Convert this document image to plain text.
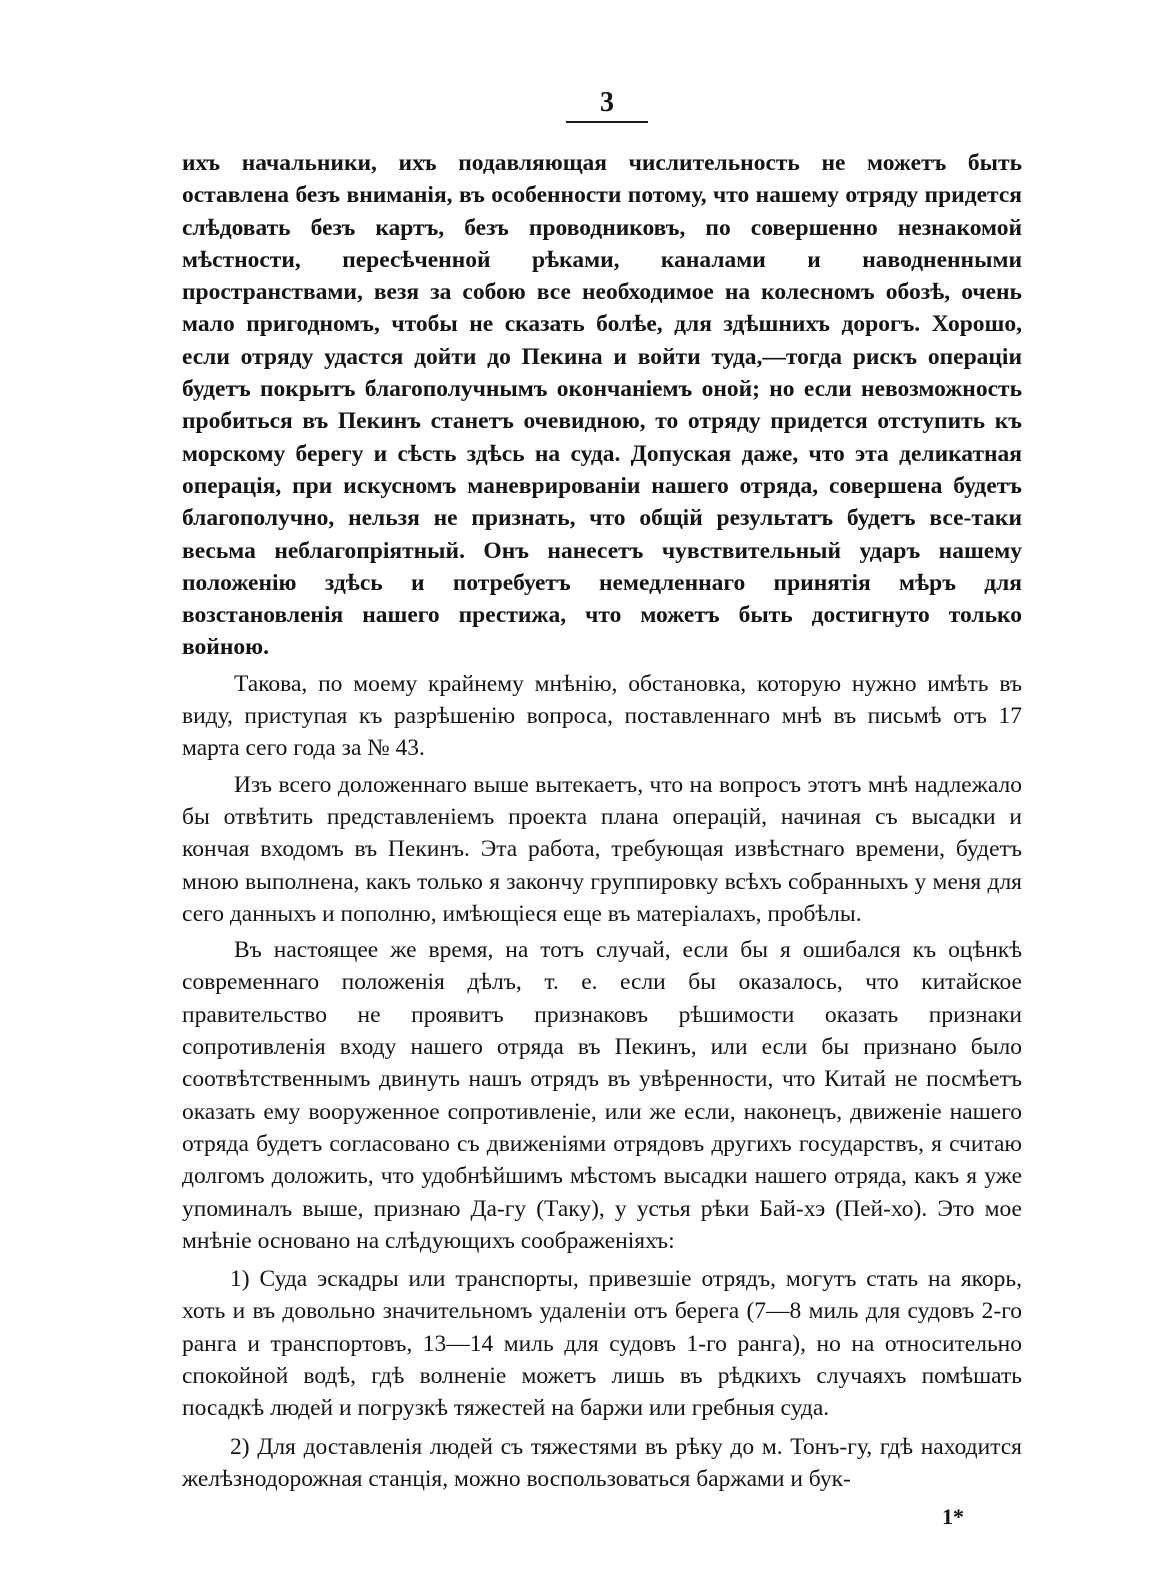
3

ихъ начальники, ихъ подавляющая числительность не можетъ быть оставлена безъ вниманія, въ особенности потому, что нашему отряду придется слѣдовать безъ картъ, безъ проводниковъ, по совершенно незнакомой мѣстности, пересѣченной рѣками, каналами и наводненными пространствами, везя за собою все необходимое на колесномъ обозѣ, очень мало пригодномъ, чтобы не сказать болѣе, для здѣшнихъ дорогъ. Хорошо, если отряду удастся дойти до Пекина и войти туда,—тогда рискъ операціи будетъ покрытъ благополучнымъ окончаніемъ оной; но если невозможность пробиться въ Пекинъ станетъ очевидною, то отряду придется отступить къ морскому берегу и сѣсть здѣсь на суда. Допуская даже, что эта деликатная операція, при искусномъ маневрированіи нашего отряда, совершена будетъ благополучно, нельзя не признать, что общій результатъ будетъ все-таки весьма неблагопріятный. Онъ нанесетъ чувствительный ударъ нашему положенію здѣсь и потребуетъ немедленнаго принятія мѣръ для возстановленія нашего престижа, что можетъ быть достигнуто только войною.

Такова, по моему крайнему мнѣнію, обстановка, которую нужно имѣть въ виду, приступая къ разрѣшенію вопроса, поставленнаго мнѣ въ письмѣ отъ 17 марта сего года за № 43.

Изъ всего доложеннаго выше вытекаетъ, что на вопросъ этотъ мнѣ надлежало бы отвѣтить представленіемъ проекта плана операцій, начиная съ высадки и кончая входомъ въ Пекинъ. Эта работа, требующая извѣстнаго времени, будетъ мною выполнена, какъ только я закончу группировку всѣхъ собранныхъ у меня для сего данныхъ и пополню, имѣющіеся еще въ матеріалахъ, пробѣлы.

Въ настоящее же время, на тотъ случай, если бы я ошибался къ оцѣнкѣ современнаго положенія дѣлъ, т. е. если бы оказалось, что китайское правительство не проявитъ признаковъ рѣшимости оказать признаки сопротивленія входу нашего отряда въ Пекинъ, или если бы признано было соотвѣтственнымъ двинуть нашъ отрядъ въ увѣренности, что Китай не посмѣетъ оказать ему вооруженное сопротивленіе, или же если, наконецъ, движеніе нашего отряда будетъ согласовано съ движеніями отрядовъ другихъ государствъ, я считаю долгомъ доложить, что удобнѣйшимъ мѣстомъ высадки нашего отряда, какъ я уже упоминалъ выше, признаю Да-гу (Таку), у устья рѣки Бай-хэ (Пей-хо). Это мое мнѣніе основано на слѣдующихъ соображеніяхъ:

1) Суда эскадры или транспорты, привезшіе отрядъ, могутъ стать на якорь, хоть и въ довольно значительномъ удаленіи отъ берега (7—8 миль для судовъ 2-го ранга и транспортовъ, 13—14 миль для судовъ 1-го ранга), но на относительно спокойной водѣ, гдѣ волненіе можетъ лишь въ рѣдкихъ случаяхъ помѣшать посадкѣ людей и погрузкѣ тяжестей на баржи или гребныя суда.

2) Для доставленія людей съ тяжестями въ рѣку до м. Тонъ-гу, гдѣ находится желѣзнодорожная станція, можно воспользоваться баржами и бук-

1*
